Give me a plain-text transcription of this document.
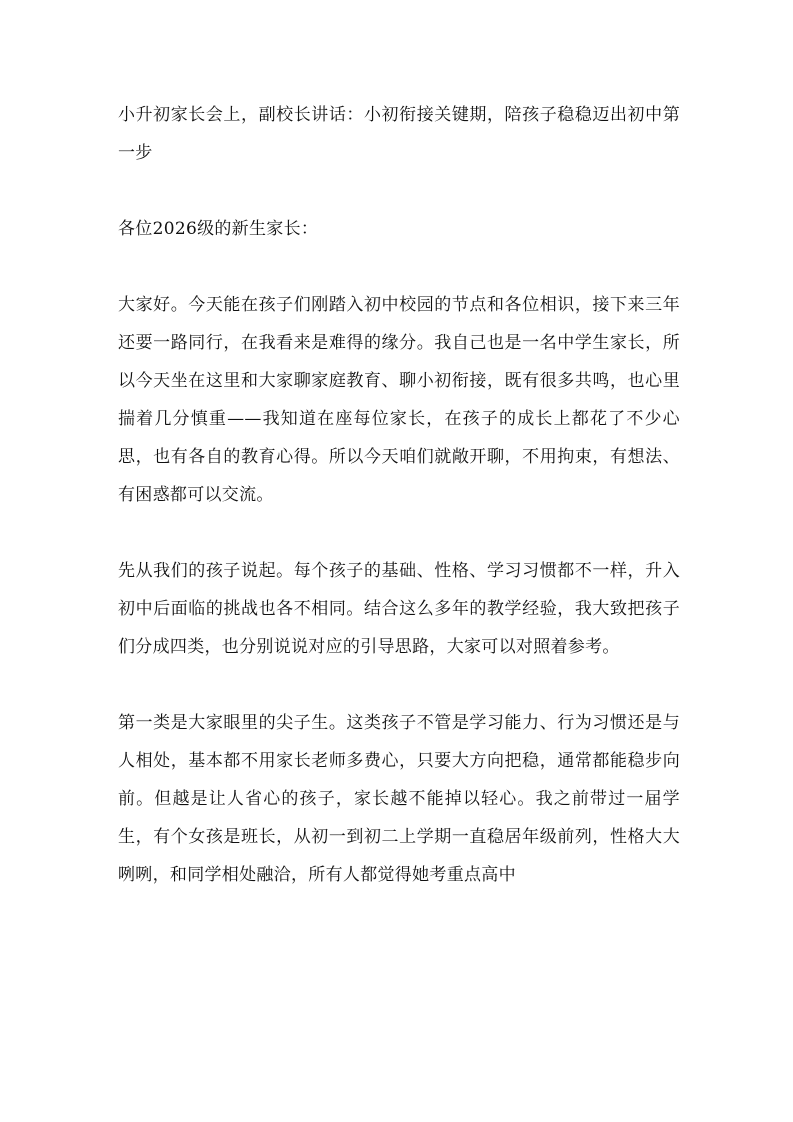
小升初家长会上，副校长讲话：小初衔接关键期，陪孩子稳稳迈出初中第一步

各位2026级的新生家长：

大家好。今天能在孩子们刚踏入初中校园的节点和各位相识，接下来三年还要一路同行，在我看来是难得的缘分。我自己也是一名中学生家长，所以今天坐在这里和大家聊家庭教育、聊小初衔接，既有很多共鸣，也心里揣着几分慎重——我知道在座每位家长，在孩子的成长上都花了不少心思，也有各自的教育心得。所以今天咱们就敞开聊，不用拘束，有想法、有困惑都可以交流。

先从我们的孩子说起。每个孩子的基础、性格、学习习惯都不一样，升入初中后面临的挑战也各不相同。结合这么多年的教学经验，我大致把孩子们分成四类，也分别说说对应的引导思路，大家可以对照着参考。

第一类是大家眼里的尖子生。这类孩子不管是学习能力、行为习惯还是与人相处，基本都不用家长老师多费心，只要大方向把稳，通常都能稳步向前。但越是让人省心的孩子，家长越不能掉以轻心。我之前带过一届学生，有个女孩是班长，从初一到初二上学期一直稳居年级前列，性格大大咧咧，和同学相处融洽，所有人都觉得她考重点高中
